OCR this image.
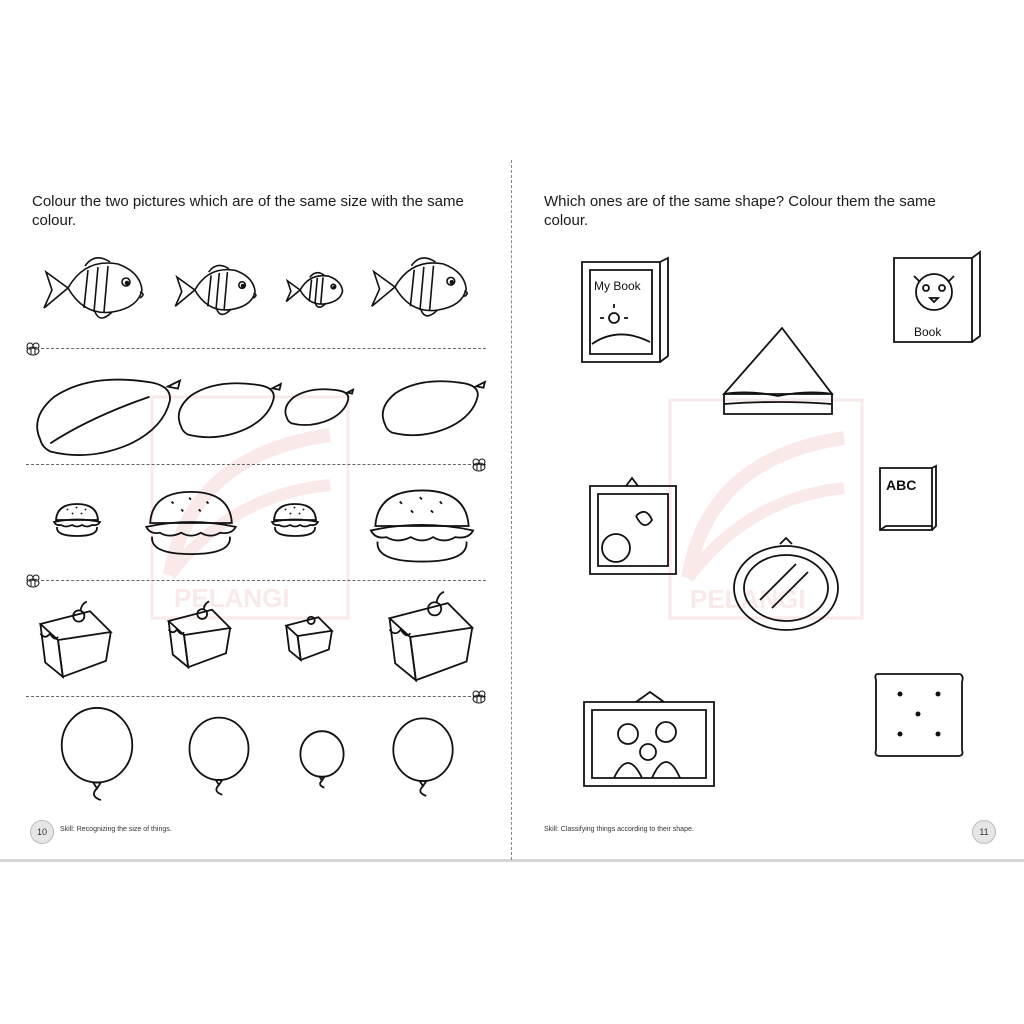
PELANGI	PELANGI
Colour the two pictures which are of the same size with the same colour.
10	Skill: Recognizing the size of things.
Which ones are of the same shape? Colour them the same colour.
My Book
Book
ABC
Skill: Classifying things according to their shape.	11
